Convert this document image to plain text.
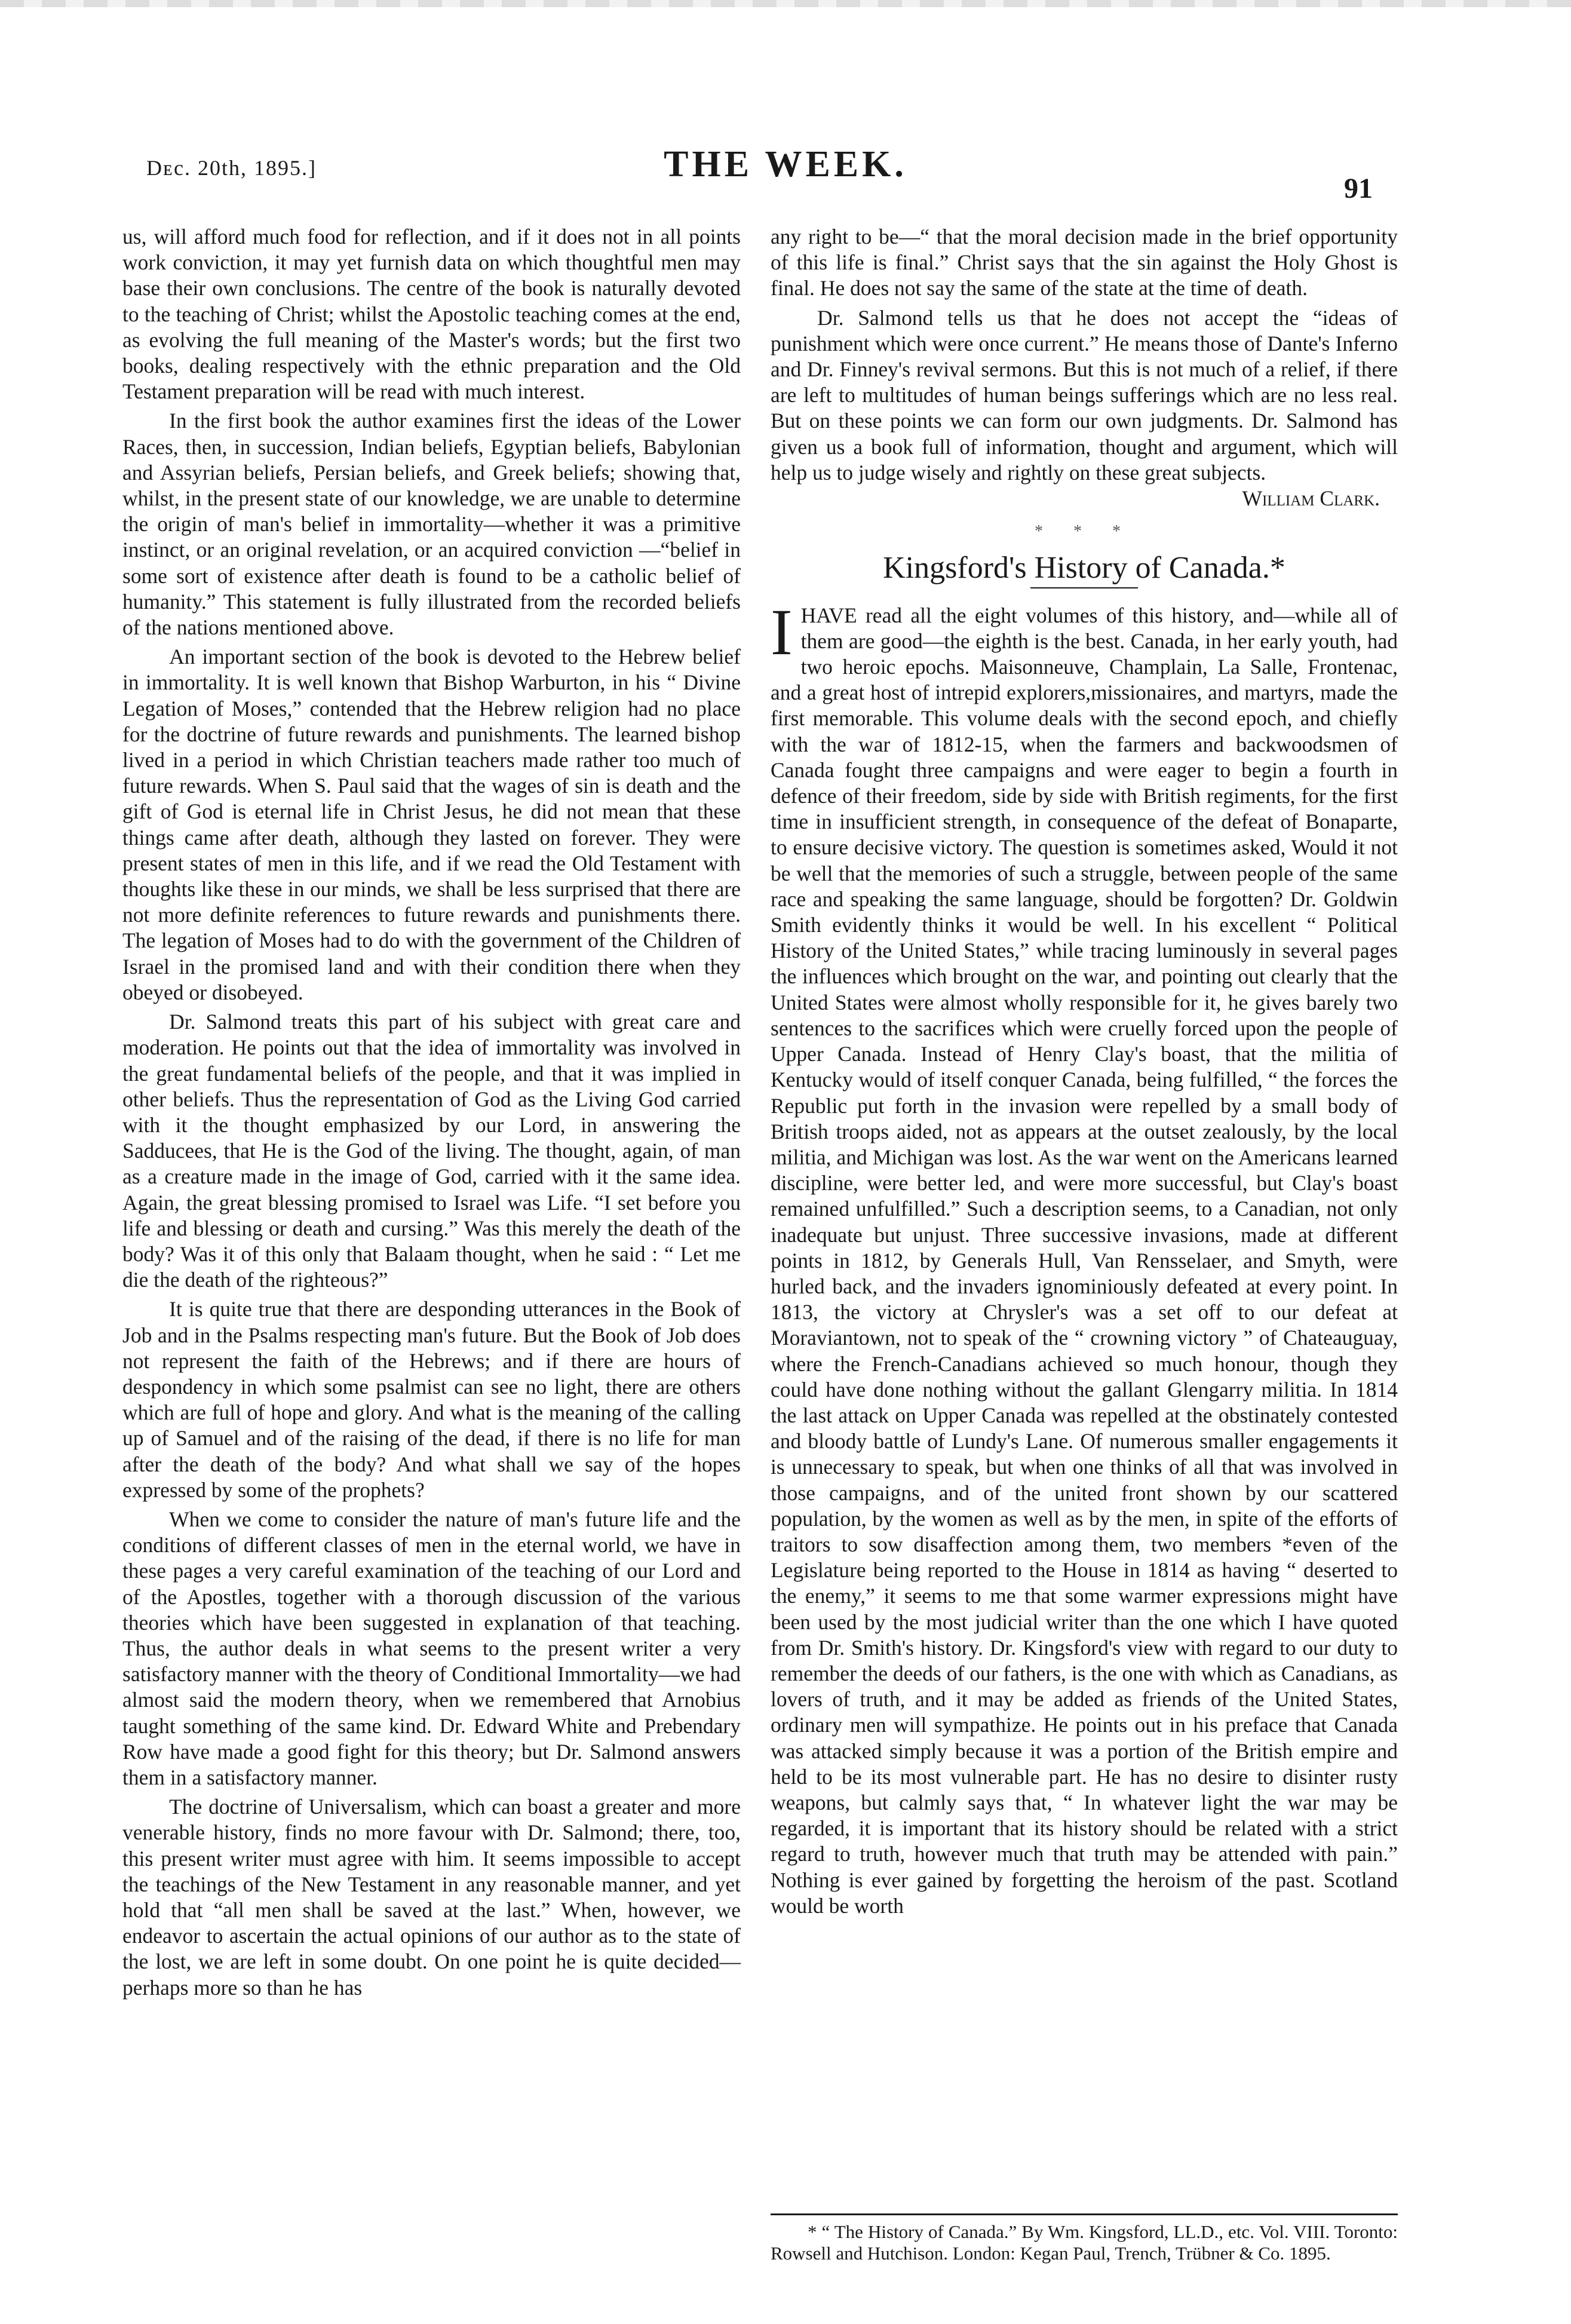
Dᴇc. 20th, 1895.]	THE WEEK.
91

us, will afford much food for reflection, and if it does not in all points work conviction, it may yet furnish data on which thoughtful men may base their own conclusions. The centre of the book is naturally devoted to the teaching of Christ; whilst the Apostolic teaching comes at the end, as evolving the full meaning of the Master's words; but the first two books, dealing respectively with the ethnic preparation and the Old Testament preparation will be read with much interest.

In the first book the author examines first the ideas of the Lower Races, then, in succession, Indian beliefs, Egyptian beliefs, Babylonian and Assyrian beliefs, Persian beliefs, and Greek beliefs; showing that, whilst, in the present state of our knowledge, we are unable to determine the origin of man's belief in immortality—whether it was a primitive instinct, or an original revelation, or an acquired conviction —“belief in some sort of existence after death is found to be a catholic belief of humanity.” This statement is fully illustrated from the recorded beliefs of the nations mentioned above.

An important section of the book is devoted to the Hebrew belief in immortality. It is well known that Bishop Warburton, in his “ Divine Legation of Moses,” contended that the Hebrew religion had no place for the doctrine of future rewards and punishments. The learned bishop lived in a period in which Christian teachers made rather too much of future rewards. When S. Paul said that the wages of sin is death and the gift of God is eternal life in Christ Jesus, he did not mean that these things came after death, although they lasted on forever. They were present states of men in this life, and if we read the Old Testament with thoughts like these in our minds, we shall be less surprised that there are not more definite references to future rewards and punishments there. The legation of Moses had to do with the government of the Children of Israel in the promised land and with their condition there when they obeyed or disobeyed.

Dr. Salmond treats this part of his subject with great care and moderation. He points out that the idea of immortality was involved in the great fundamental beliefs of the people, and that it was implied in other beliefs. Thus the representation of God as the Living God carried with it the thought emphasized by our Lord, in answering the Sadducees, that He is the God of the living. The thought, again, of man as a creature made in the image of God, carried with it the same idea. Again, the great blessing promised to Israel was Life. “I set before you life and blessing or death and cursing.” Was this merely the death of the body? Was it of this only that Balaam thought, when he said : “ Let me die the death of the righteous?”

It is quite true that there are desponding utterances in the Book of Job and in the Psalms respecting man's future. But the Book of Job does not represent the faith of the Hebrews; and if there are hours of despondency in which some psalmist can see no light, there are others which are full of hope and glory. And what is the meaning of the calling up of Samuel and of the raising of the dead, if there is no life for man after the death of the body? And what shall we say of the hopes expressed by some of the prophets?

When we come to consider the nature of man's future life and the conditions of different classes of men in the eternal world, we have in these pages a very careful examination of the teaching of our Lord and of the Apostles, together with a thorough discussion of the various theories which have been suggested in explanation of that teaching. Thus, the author deals in what seems to the present writer a very satisfactory manner with the theory of Conditional Immortality—we had almost said the modern theory, when we remembered that Arnobius taught something of the same kind. Dr. Edward White and Prebendary Row have made a good fight for this theory; but Dr. Salmond answers them in a satisfactory manner.

The doctrine of Universalism, which can boast a greater and more venerable history, finds no more favour with Dr. Salmond; there, too, this present writer must agree with him. It seems impossible to accept the teachings of the New Testament in any reasonable manner, and yet hold that “all men shall be saved at the last.” When, however, we endeavor to ascertain the actual opinions of our author as to the state of the lost, we are left in some doubt. On one point he is quite decided—perhaps more so than he has

any right to be—“ that the moral decision made in the brief opportunity of this life is final.” Christ says that the sin against the Holy Ghost is final. He does not say the same of the state at the time of death.

Dr. Salmond tells us that he does not accept the “ideas of punishment which were once current.” He means those of Dante's Inferno and Dr. Finney's revival sermons. But this is not much of a relief, if there are left to multitudes of human beings sufferings which are no less real. But on these points we can form our own judgments. Dr. Salmond has given us a book full of information, thought and argument, which will help us to judge wisely and rightly on these great subjects.

William Clark.
* * *
Kingsford's History of Canada.*

IHAVE read all the eight volumes of this history, and—while all of them are good—the eighth is the best. Canada, in her early youth, had two heroic epochs. Maisonneuve, Champlain, La Salle, Frontenac, and a great host of intrepid explorers,missionaires, and martyrs, made the first memorable. This volume deals with the second epoch, and chiefly with the war of 1812-15, when the farmers and backwoodsmen of Canada fought three campaigns and were eager to begin a fourth in defence of their freedom, side by side with British regiments, for the first time in insufficient strength, in consequence of the defeat of Bonaparte, to ensure decisive victory. The question is sometimes asked, Would it not be well that the memories of such a struggle, between people of the same race and speaking the same language, should be forgotten? Dr. Goldwin Smith evidently thinks it would be well. In his excellent “ Political History of the United States,” while tracing luminously in several pages the influences which brought on the war, and pointing out clearly that the United States were almost wholly responsible for it, he gives barely two sentences to the sacrifices which were cruelly forced upon the people of Upper Canada. Instead of Henry Clay's boast, that the militia of Kentucky would of itself conquer Canada, being fulfilled, “ the forces the Republic put forth in the invasion were repelled by a small body of British troops aided, not as appears at the outset zealously, by the local militia, and Michigan was lost. As the war went on the Americans learned discipline, were better led, and were more successful, but Clay's boast remained unfulfilled.” Such a description seems, to a Canadian, not only inadequate but unjust. Three successive invasions, made at different points in 1812, by Generals Hull, Van Rensselaer, and Smyth, were hurled back, and the invaders ignominiously defeated at every point. In 1813, the victory at Chrysler's was a set off to our defeat at Moraviantown, not to speak of the “ crowning victory ” of Chateauguay, where the French-Canadians achieved so much honour, though they could have done nothing without the gallant Glengarry militia. In 1814 the last attack on Upper Canada was repelled at the obstinately contested and bloody battle of Lundy's Lane. Of numerous smaller engagements it is unnecessary to speak, but when one thinks of all that was involved in those campaigns, and of the united front shown by our scattered population, by the women as well as by the men, in spite of the efforts of traitors to sow disaffection among them, two members *even of the Legislature being reported to the House in 1814 as having “ deserted to the enemy,” it seems to me that some warmer expressions might have been used by the most judicial writer than the one which I have quoted from Dr. Smith's history. Dr. Kingsford's view with regard to our duty to remember the deeds of our fathers, is the one with which as Canadians, as lovers of truth, and it may be added as friends of the United States, ordinary men will sympathize. He points out in his preface that Canada was attacked simply because it was a portion of the British empire and held to be its most vulnerable part. He has no desire to disinter rusty weapons, but calmly says that, “ In whatever light the war may be regarded, it is important that its history should be related with a strict regard to truth, however much that truth may be attended with pain.” Nothing is ever gained by forgetting the heroism of the past. Scotland would be worth

* “ The History of Canada.” By Wm. Kingsford, LL.D., etc. Vol. VIII. Toronto: Rowsell and Hutchison. London: Kegan Paul, Trench, Trübner & Co. 1895.
